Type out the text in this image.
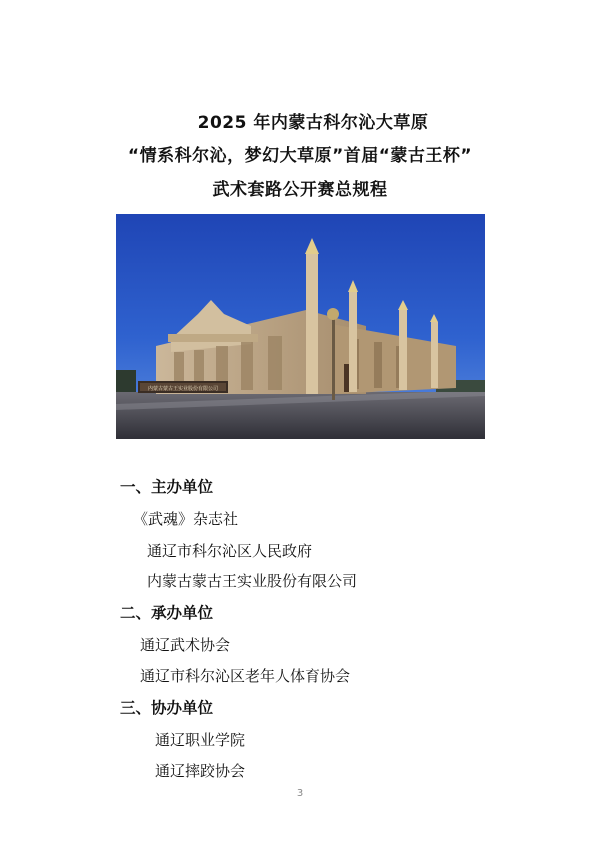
2025 年内蒙古科尔沁大草原
“情系科尔沁，梦幻大草原”首届“蒙古王杯”
武术套路公开赛总规程
内蒙古蒙古王实业股份有限公司
一、主办单位
《武魂》杂志社
通辽市科尔沁区人民政府
内蒙古蒙古王实业股份有限公司
二、承办单位
通辽武术协会
通辽市科尔沁区老年人体育协会
三、协办单位
通辽职业学院
通辽摔跤协会
3
